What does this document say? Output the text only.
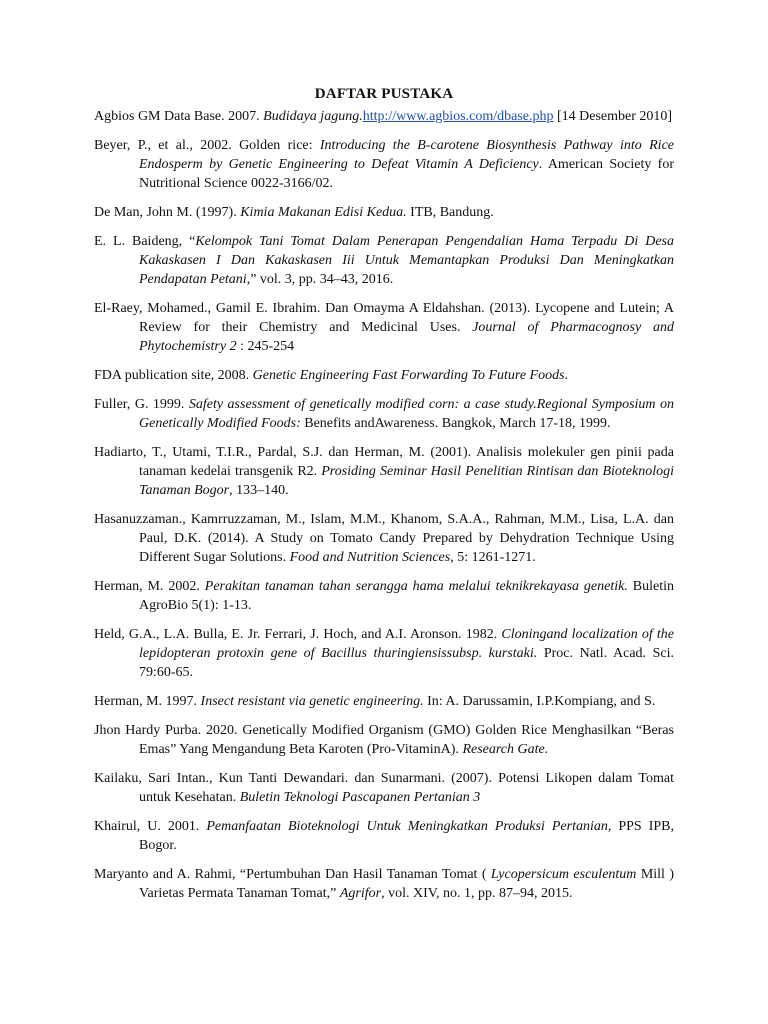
DAFTAR PUSTAKA

Agbios GM Data Base. 2007. Budidaya jagung.http://www.agbios.com/dbase.php [14 Desember 2010]

Beyer, P., et al., 2002. Golden rice: Introducing the B-carotene Biosynthesis Pathway into Rice Endosperm by Genetic Engineering to Defeat Vitamin A Deficiency. American Society for Nutritional Science 0022-3166/02.

De Man, John M. (1997). Kimia Makanan Edisi Kedua. ITB, Bandung.

E. L. Baideng, “Kelompok Tani Tomat Dalam Penerapan Pengendalian Hama Terpadu Di Desa Kakaskasen I Dan Kakaskasen Iii Untuk Memantapkan Produksi Dan Meningkatkan Pendapatan Petani,” vol. 3, pp. 34–43, 2016.

El-Raey, Mohamed., Gamil E. Ibrahim. Dan Omayma A Eldahshan. (2013). Lycopene and Lutein; A Review for their Chemistry and Medicinal Uses. Journal of Pharmacognosy and Phytochemistry 2 : 245-254

FDA publication site, 2008. Genetic Engineering Fast Forwarding To Future Foods.

Fuller, G. 1999. Safety assessment of genetically modified corn: a case study.Regional Symposium on Genetically Modified Foods: Benefits andAwareness. Bangkok, March 17-18, 1999.

Hadiarto, T., Utami, T.I.R., Pardal, S.J. dan Herman, M. (2001). Analisis molekuler gen pinii pada tanaman kedelai transgenik R2. Prosiding Seminar Hasil Penelitian Rintisan dan Bioteknologi Tanaman Bogor, 133–140.

Hasanuzzaman., Kamrruzzaman, M., Islam, M.M., Khanom, S.A.A., Rahman, M.M., Lisa, L.A. dan Paul, D.K. (2014). A Study on Tomato Candy Prepared by Dehydration Technique Using Different Sugar Solutions. Food and Nutrition Sciences, 5: 1261-1271.

Herman, M. 2002. Perakitan tanaman tahan serangga hama melalui teknikrekayasa genetik. Buletin AgroBio 5(1): 1-13.

Held, G.A., L.A. Bulla, E. Jr. Ferrari, J. Hoch, and A.I. Aronson. 1982. Cloningand localization of the lepidopteran protoxin gene of Bacillus thuringiensissubsp. kurstaki. Proc. Natl. Acad. Sci. 79:60-65.

Herman, M. 1997. Insect resistant via genetic engineering. In: A. Darussamin, I.P.Kompiang, and S.

Jhon Hardy Purba. 2020. Genetically Modified Organism (GMO) Golden Rice Menghasilkan “Beras Emas” Yang Mengandung Beta Karoten (Pro-VitaminA). Research Gate.

Kailaku, Sari Intan., Kun Tanti Dewandari. dan Sunarmani. (2007). Potensi Likopen dalam Tomat untuk Kesehatan. Buletin Teknologi Pascapanen Pertanian 3

Khairul, U. 2001. Pemanfaatan Bioteknologi Untuk Meningkatkan Produksi Pertanian, PPS IPB, Bogor.

Maryanto and A. Rahmi, “Pertumbuhan Dan Hasil Tanaman Tomat ( Lycopersicum esculentum Mill ) Varietas Permata Tanaman Tomat,” Agrifor, vol. XIV, no. 1, pp. 87–94, 2015.
